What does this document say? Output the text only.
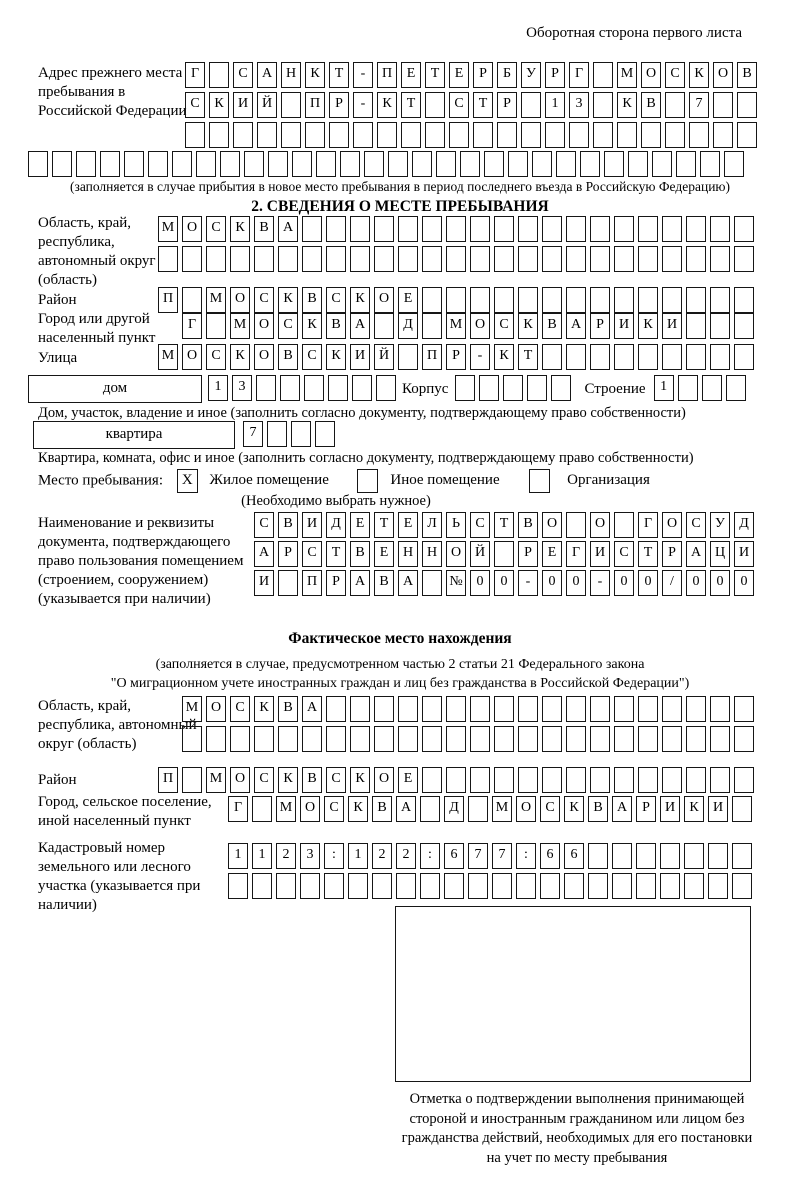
Оборотная сторона первого листа
Адрес прежнего места пребывания в Российской Федерации
Г	С А Н К Т - П Е Т Е Р Б У Р Г	М О С К О В
С К И Й	П Р - К Т	С Т Р	1 3	К В	7

(заполняется в случае прибытия в новое место пребывания в период последнего въезда в Российскую Федерацию)
2. СВЕДЕНИЯ О МЕСТЕ ПРЕБЫВАНИЯ
Область, край, республика, автономный округ (область)
М О С К В А

Район	П	М О С К В С К О Е
Город или другой населенный пункт
Г	М О С К В А	Д	М О С К В А Р И К И
Улица	М О С К О В С К И Й	П Р - К Т
дом	1 3	Корпус	Строение 1
Дом, участок, владение и иное (заполнить согласно документу, подтверждающему право собственности)
квартира	7
Квартира, комната, офис и иное (заполнить согласно документу, подтверждающему право собственности)
Место пребывания: X Жилое помещение	Иное помещение	Организация
(Необходимо выбрать нужное)
Наименование и реквизиты документа, подтверждающего право пользования помещением (строением, сооружением) (указывается при наличии)
С В И Д Е Т Е Л Ь С Т В О	О	Г О С У Д
А Р С Т В Е Н Н О Й	Р Е Г И С Т Р А Ц И
И	П Р А В А	№ 0 0 - 0 0 - 0 0 / 0 0 0
Фактическое место нахождения
(заполняется в случае, предусмотренном частью 2 статьи 21 Федерального закона
"О миграционном учете иностранных граждан и лиц без гражданства в Российской Федерации")
Область, край, республика, автономный округ (область)
М О С К В А

Район	П	М О С К В С К О Е
Город, сельское поселение, иной населенный пункт
Г	М О С К В А	Д	М О С К В А Р И К И
Кадастровый номер земельного или лесного участка (указывается при наличии)
1 1 2 3 : 1 2 2 : 6 7 7 : 6 6

Отметка о подтверждении выполнения принимающей
стороной и иностранным гражданином или лицом без
гражданства действий, необходимых для его постановки
на учет по месту пребывания
